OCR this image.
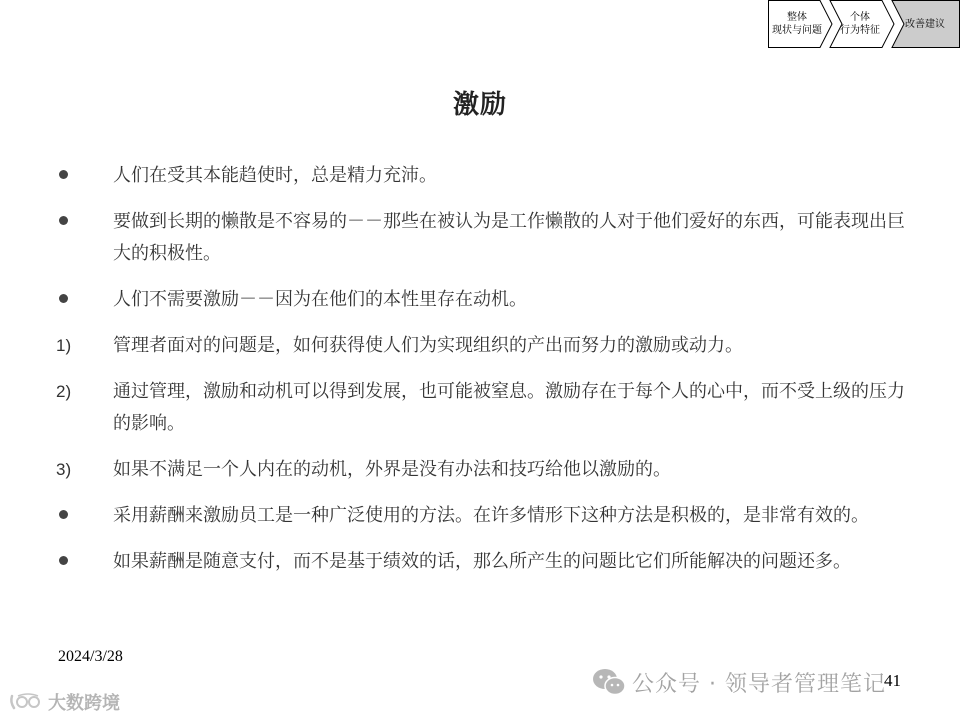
整体
现状与问题
个体
行为特征
改善建议
激励
人们在受其本能趋使时，总是精力充沛。
要做到长期的懒散是不容易的－－那些在被认为是工作懒散的人对于他们爱好的东西，可能表现出巨大的积极性。
人们不需要激励－－因为在他们的本性里存在动机。
1)	管理者面对的问题是，如何获得使人们为实现组织的产出而努力的激励或动力。
2)	通过管理，激励和动机可以得到发展，也可能被窒息。激励存在于每个人的心中，而不受上级的压力的影响。
3)	如果不满足一个人内在的动机，外界是没有办法和技巧给他以激励的。
采用薪酬来激励员工是一种广泛使用的方法。在许多情形下这种方法是积极的，是非常有效的。
如果薪酬是随意支付，而不是基于绩效的话，那么所产生的问题比它们所能解决的问题还多。
2024/3/28
公众号 · 领导者管理笔记
41
大数跨境
